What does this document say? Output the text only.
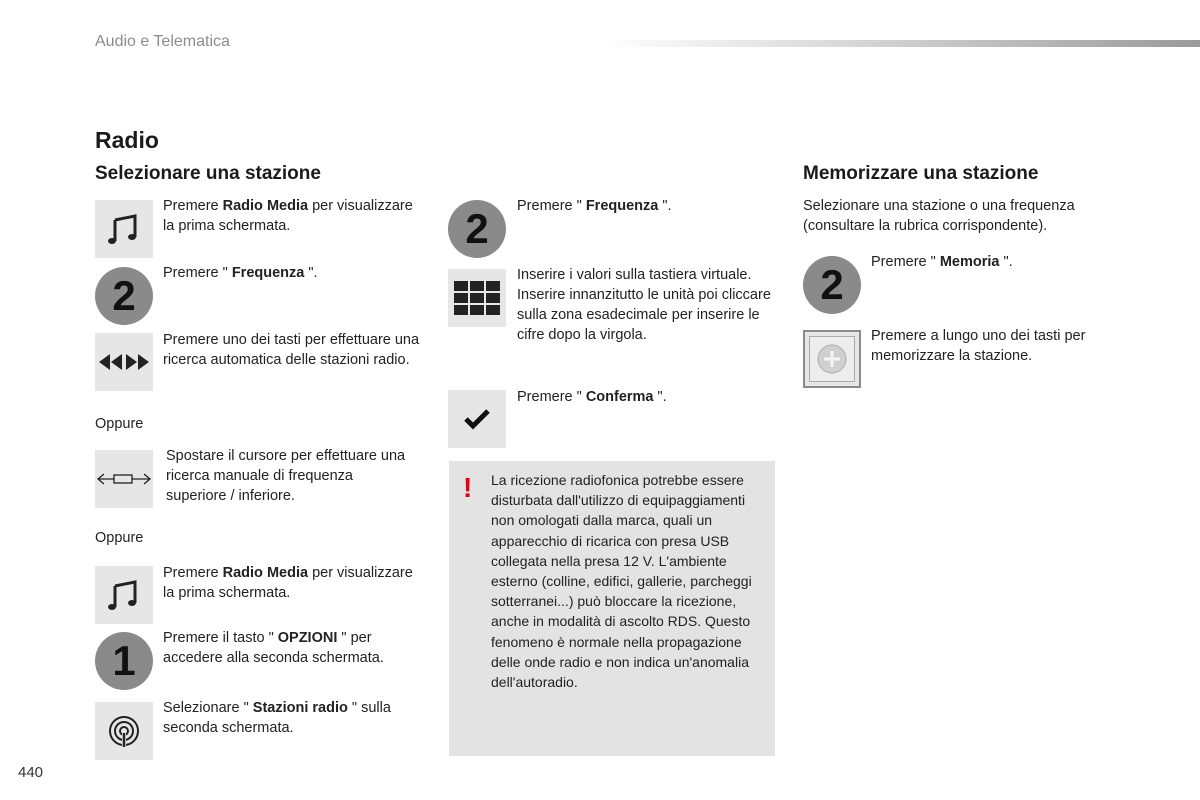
Audio e Telematica
Radio
Selezionare una stazione	Memorizzare una stazione
Premere Radio Media per visualizzare la prima schermata.
2	Premere " Frequenza ".
Premere uno dei tasti per effettuare una ricerca automatica delle stazioni radio.
Oppure
Spostare il cursore per effettuare una ricerca manuale di frequenza superiore / inferiore.
Oppure
Premere Radio Media per visualizzare la prima schermata.
1	Premere il tasto " OPZIONI " per accedere alla seconda schermata.
Selezionare " Stazioni radio " sulla seconda schermata.
2	Premere " Frequenza ".
Inserire i valori sulla tastiera virtuale. Inserire innanzitutto le unità poi cliccare sulla zona esadecimale per inserire le cifre dopo la virgola.
Premere " Conferma ".
! La ricezione radiofonica potrebbe essere disturbata dall'utilizzo di equipaggiamenti non omologati dalla marca, quali un apparecchio di ricarica con presa USB collegata nella presa 12 V. L'ambiente esterno (colline, edifici, gallerie, parcheggi sotterranei...) può bloccare la ricezione, anche in modalità di ascolto RDS. Questo fenomeno è normale nella propagazione delle onde radio e non indica un'anomalia dell'autoradio.
Selezionare una stazione o una frequenza (consultare la rubrica corrispondente).
2	Premere " Memoria ".
Premere a lungo uno dei tasti per memorizzare la stazione.
440
